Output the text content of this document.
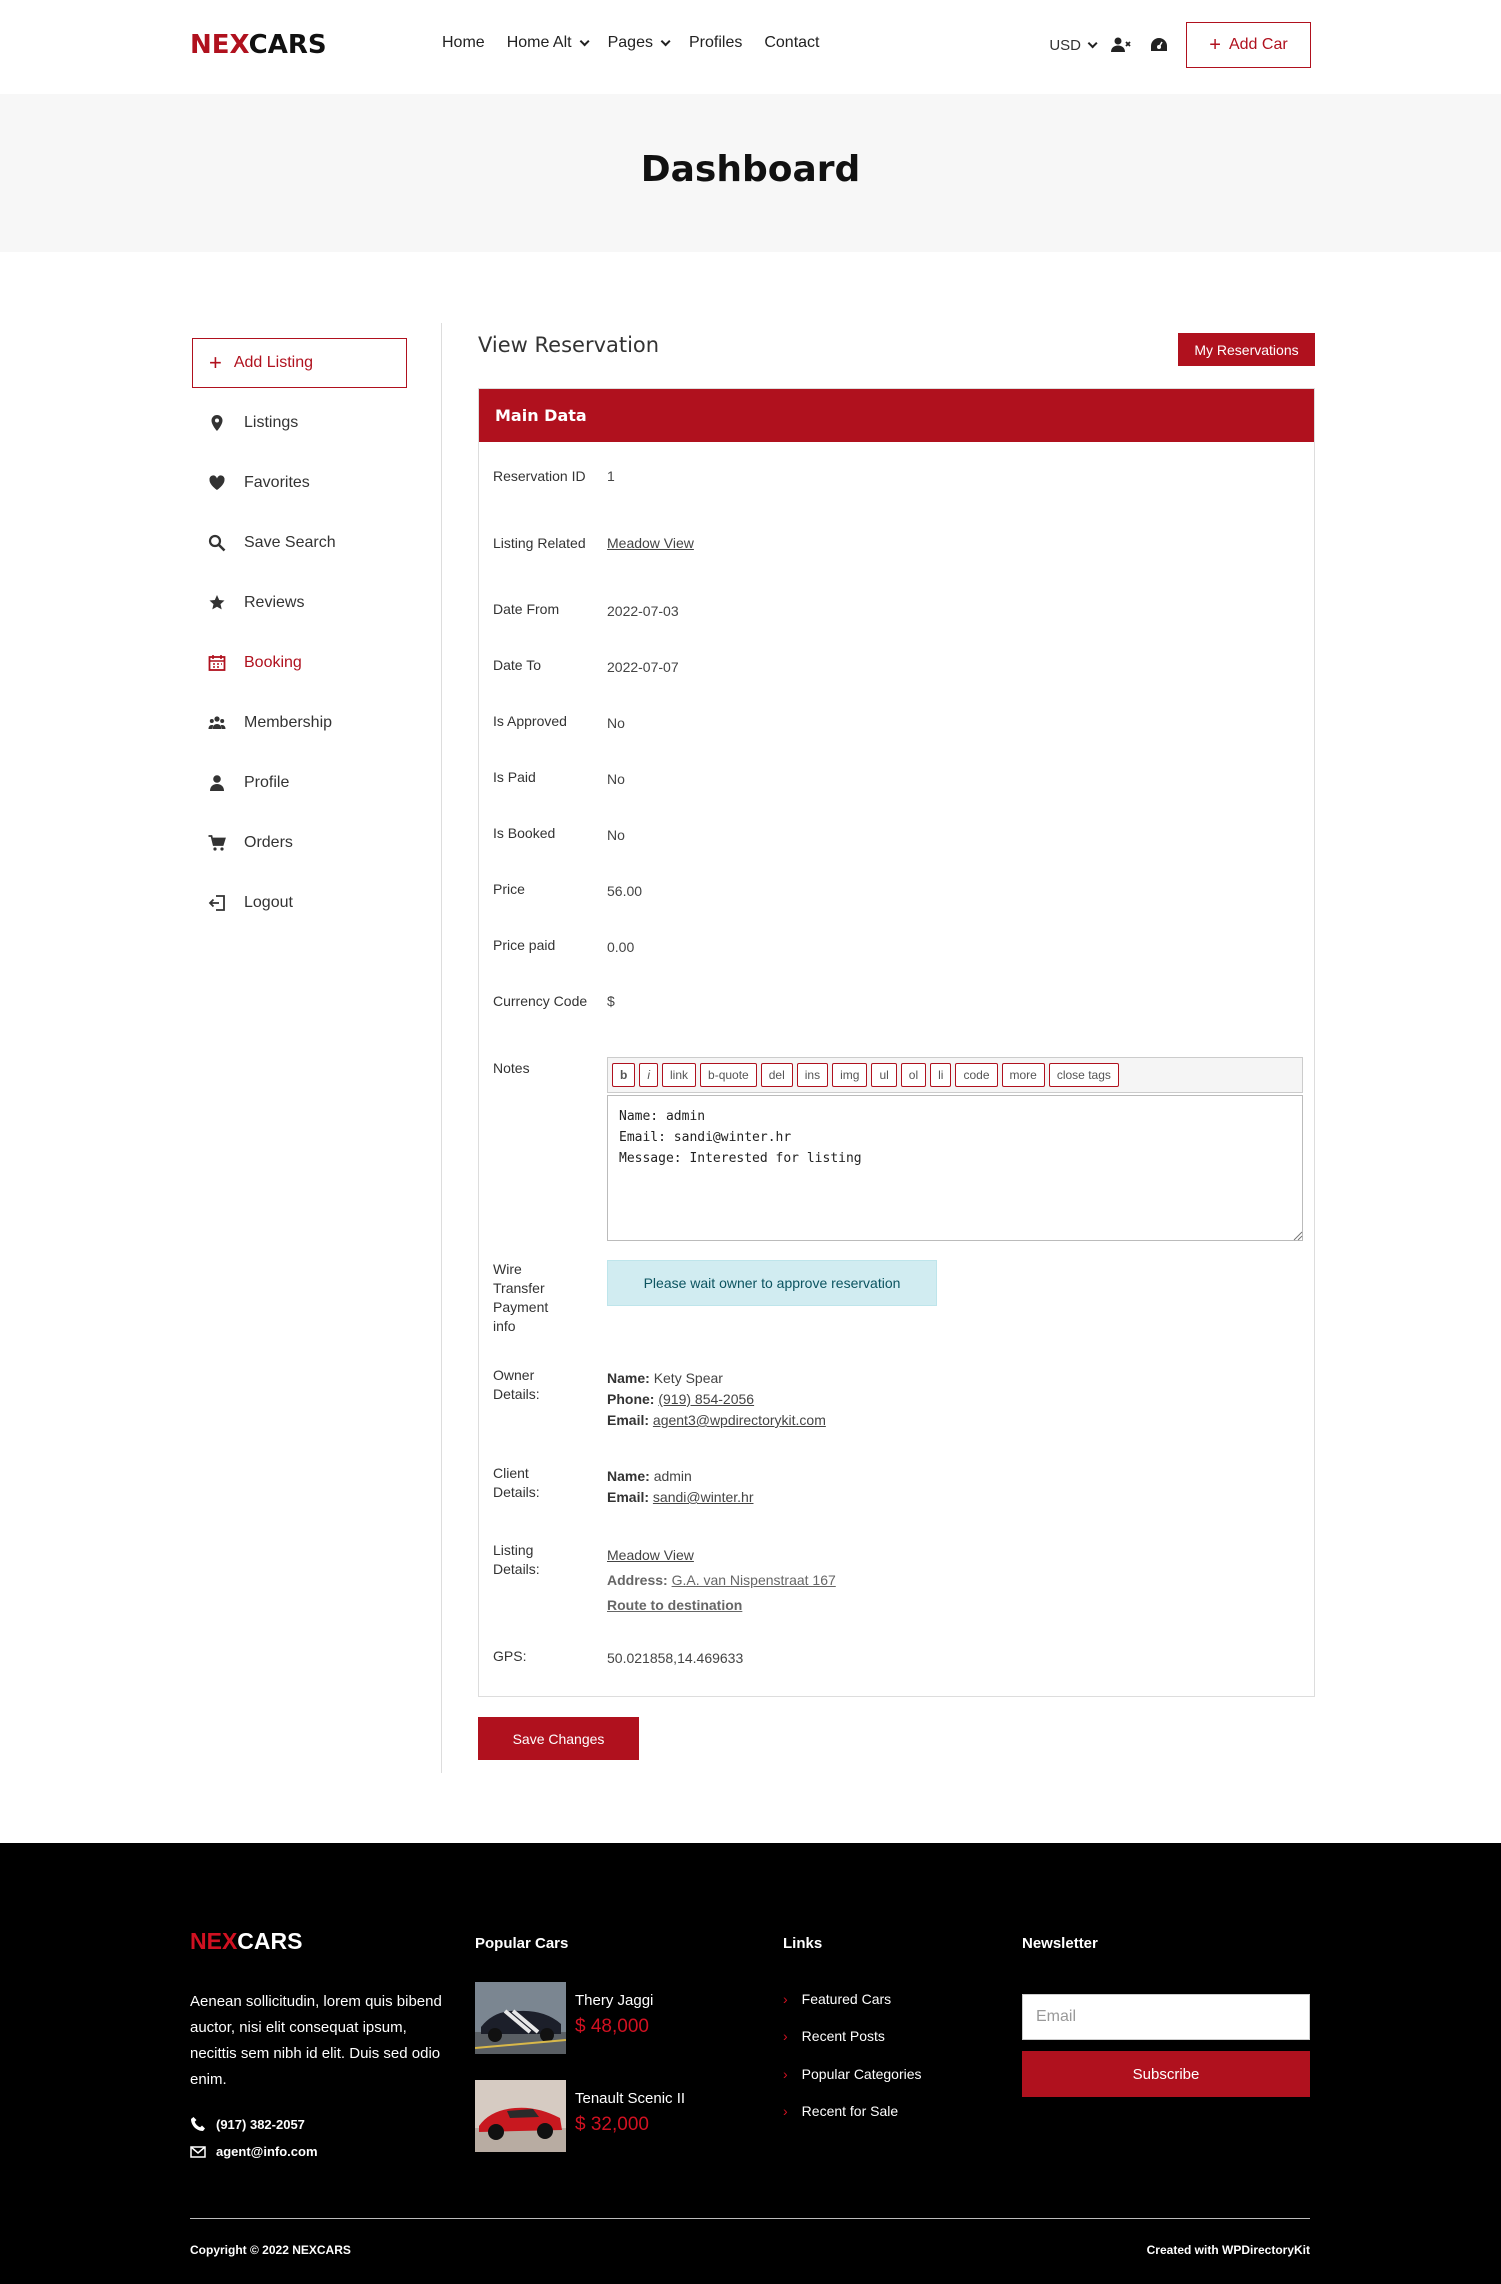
NEXCARS	Home Home Alt Pages Profiles Contact	USD	+ Add Car
Dashboard
+ Add Listing
Listings
Favorites
Save Search
Reviews
Booking
Membership
Profile
Orders
Logout
View Reservation	My Reservations
Main Data
Reservation ID 1
Listing Related Meadow View
Date From	2022-07-03
Date To	2022-07-07
Is Approved	No
Is Paid	No
Is Booked	No
Price	56.00
Price paid	0.00
Currency Code $
Notes	b	i	link	b-quote	del	ins	img	ul	ol	li	code	more	close tags
Name: admin
Email: sandi@winter.hr
Message: Interested for listing
Wire Transfer Payment info
Please wait owner to approve reservation
Owner Details:
Name: Kety Spear
Phone: (919) 854-2056
Email: agent3@wpdirectorykit.com
Client Details:
Name: admin
Email: sandi@winter.hr
Listing Details:
Meadow View
Address: G.A. van Nispenstraat 167
Route to destination
GPS:	50.021858,14.469633
Save Changes
NEXCARS
Aenean sollicitudin, lorem quis bibend auctor, nisi elit consequat ipsum, necittis sem nibh id elit. Duis sed odio enim.
(917) 382-2057
agent@info.com
Popular Cars
Thery Jaggi
$ 48,000
Tenault Scenic II
$ 32,000
Links
› Featured Cars
› Recent Posts
› Popular Categories
› Recent for Sale
Newsletter
Email
Subscribe
Copyright © 2022 NEXCARS	Created with WPDirectoryKit
